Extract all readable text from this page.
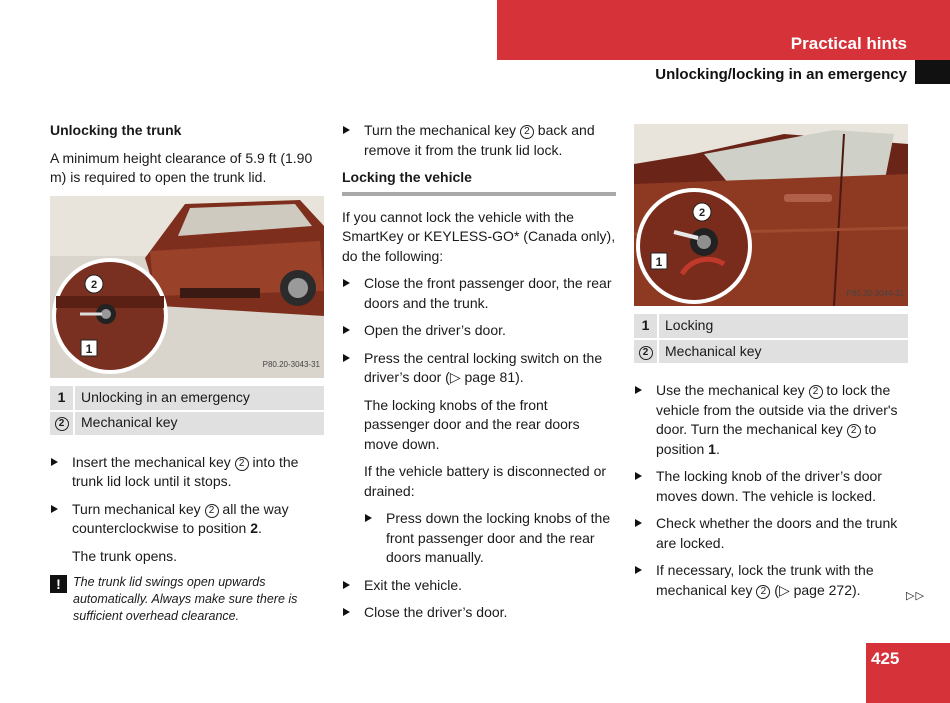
Practical hints
Unlocking/locking in an emergency
Unlocking the trunk

A minimum height clearance of 5.9 ft (1.90 m) is required to open the trunk lid.

1
2
P80.20-3043-31
1	Unlocking in an emergency
2	Mechanical key
Insert the mechanical key 2 into the trunk lid lock until it stops.
Turn mechanical key 2 all the way counterclockwise to position 2.

The trunk opens.

! The trunk lid swings open upwards automatically. Always make sure there is sufficient overhead clearance.
Turn the mechanical key 2 back and remove it from the trunk lid lock.
Locking the vehicle

If you cannot lock the vehicle with the SmartKey or KEYLESS-GO* (Canada only), do the following:

Close the front passenger door, the rear doors and the trunk.
Open the driver’s door.
Press the central locking switch on the driver’s door (▷ page 81).

The locking knobs of the front passenger door and the rear doors move down.

If the vehicle battery is disconnected or drained:

Press down the locking knobs of the front passenger door and the rear doors manually.
Exit the vehicle.
Close the driver’s door.
1
2
P80.20-3044-31
1	Locking
2	Mechanical key
Use the mechanical key 2 to lock the vehicle from the outside via the driver's door. Turn the mechanical key 2 to position 1.
The locking knob of the driver’s door moves down. The vehicle is locked.
Check whether the doors and the trunk are locked.
If necessary, lock the trunk with the mechanical key 2 (▷ page 272).	▷▷
425
